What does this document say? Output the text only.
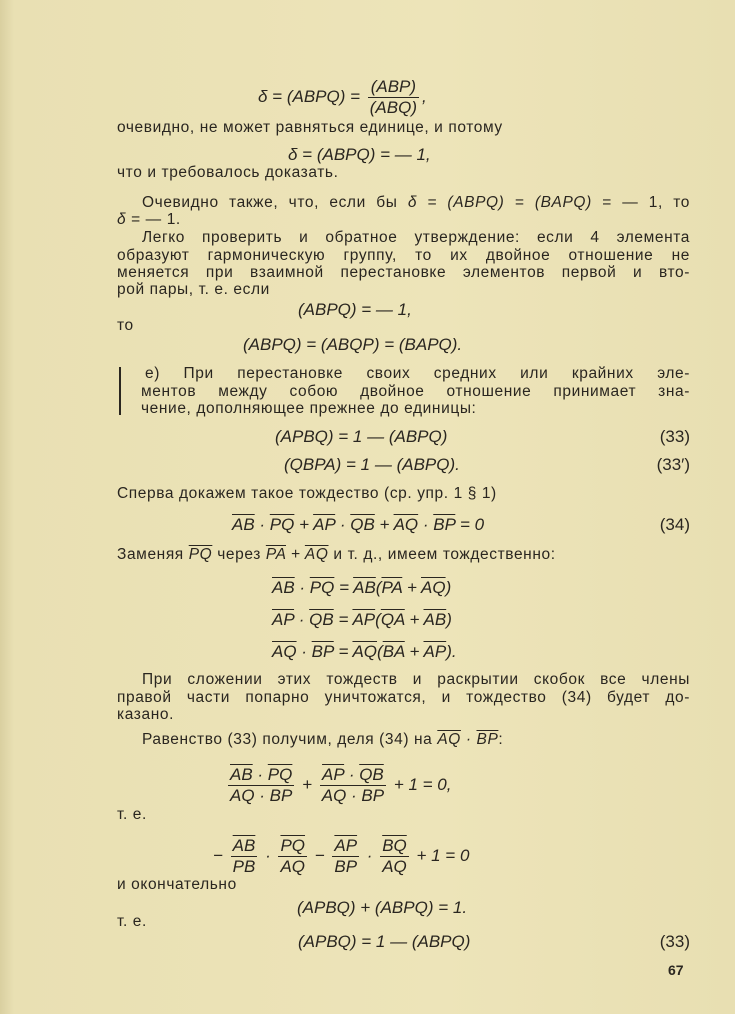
δ = (ABPQ) = $\frac{\text{(ABP)}}{\text{(ABQ)}}$ ,
очевидно, не может равняться единице, и потому
δ = (ABPQ) = — 1,
что и требовалось доказать.
Очевидно также, что, если бы δ = (ABPQ) = (BAPQ) = — 1, то
δ = — 1.
Легко проверить и обратное утверждение: если 4 элемента
образуют гармоническую группу, то их двойное отношение не
меняется при взаимной перестановке элементов первой и вто-
рой пары, т. е. если
(ABPQ) = — 1,
то
(ABPQ) = (ABQP) = (BAPQ).
е) При перестановке своих средних или крайних эле-
ментов между собою двойное отношение принимает зна-
чение, дополняющее прежнее до единицы:
(APBQ) = 1 — (ABPQ)	(33)
(QBPA) = 1 — (ABPQ).	(33′)
Сперва докажем такое тождество (ср. упр. 1 § 1)
$\overline{AB} \cdot \overline{PQ} + \overline{AP} \cdot \overline{QB} + \overline{AQ} \cdot \overline{BP} = 0$	(34)
Заменяя $\overline{PQ}$ через $\overline{PA} + \overline{AQ}$ и т. д., имеем тождественно:
$\overline{AB} \cdot \overline{PQ} = \overline{AB}(\overline{PA} + \overline{AQ})$
$\overline{AP} \cdot \overline{QB} = \overline{AP}(\overline{QA} + \overline{AB})$
$\overline{AQ} \cdot \overline{BP} = \overline{AQ}(\overline{BA} + \overline{AP})$.
При сложении этих тождеств и раскрытии скобок все члены
правой части попарно уничтожатся, и тождество (34) будет до-
казано.
Равенство (33) получим, деля (34) на $\overline{AQ} \cdot \overline{BP}$:
$\frac{\overline{AB} \cdot \overline{PQ}}{\overline{AQ} \cdot \overline{BP}} + \frac{\overline{AP} \cdot \overline{QB}}{\overline{AQ} \cdot \overline{BP}} + 1 = 0$,
т. е.
− $\frac{\overline{AB}}{PB} \cdot \frac{\overline{PQ}}{AQ} - \frac{\overline{AP}}{BP} \cdot \frac{\overline{BQ}}{AQ} + 1 = 0$
и окончательно
(APBQ) + (ABPQ) = 1.
т. е.
(APBQ) = 1 — (ABPQ)	(33)
67
